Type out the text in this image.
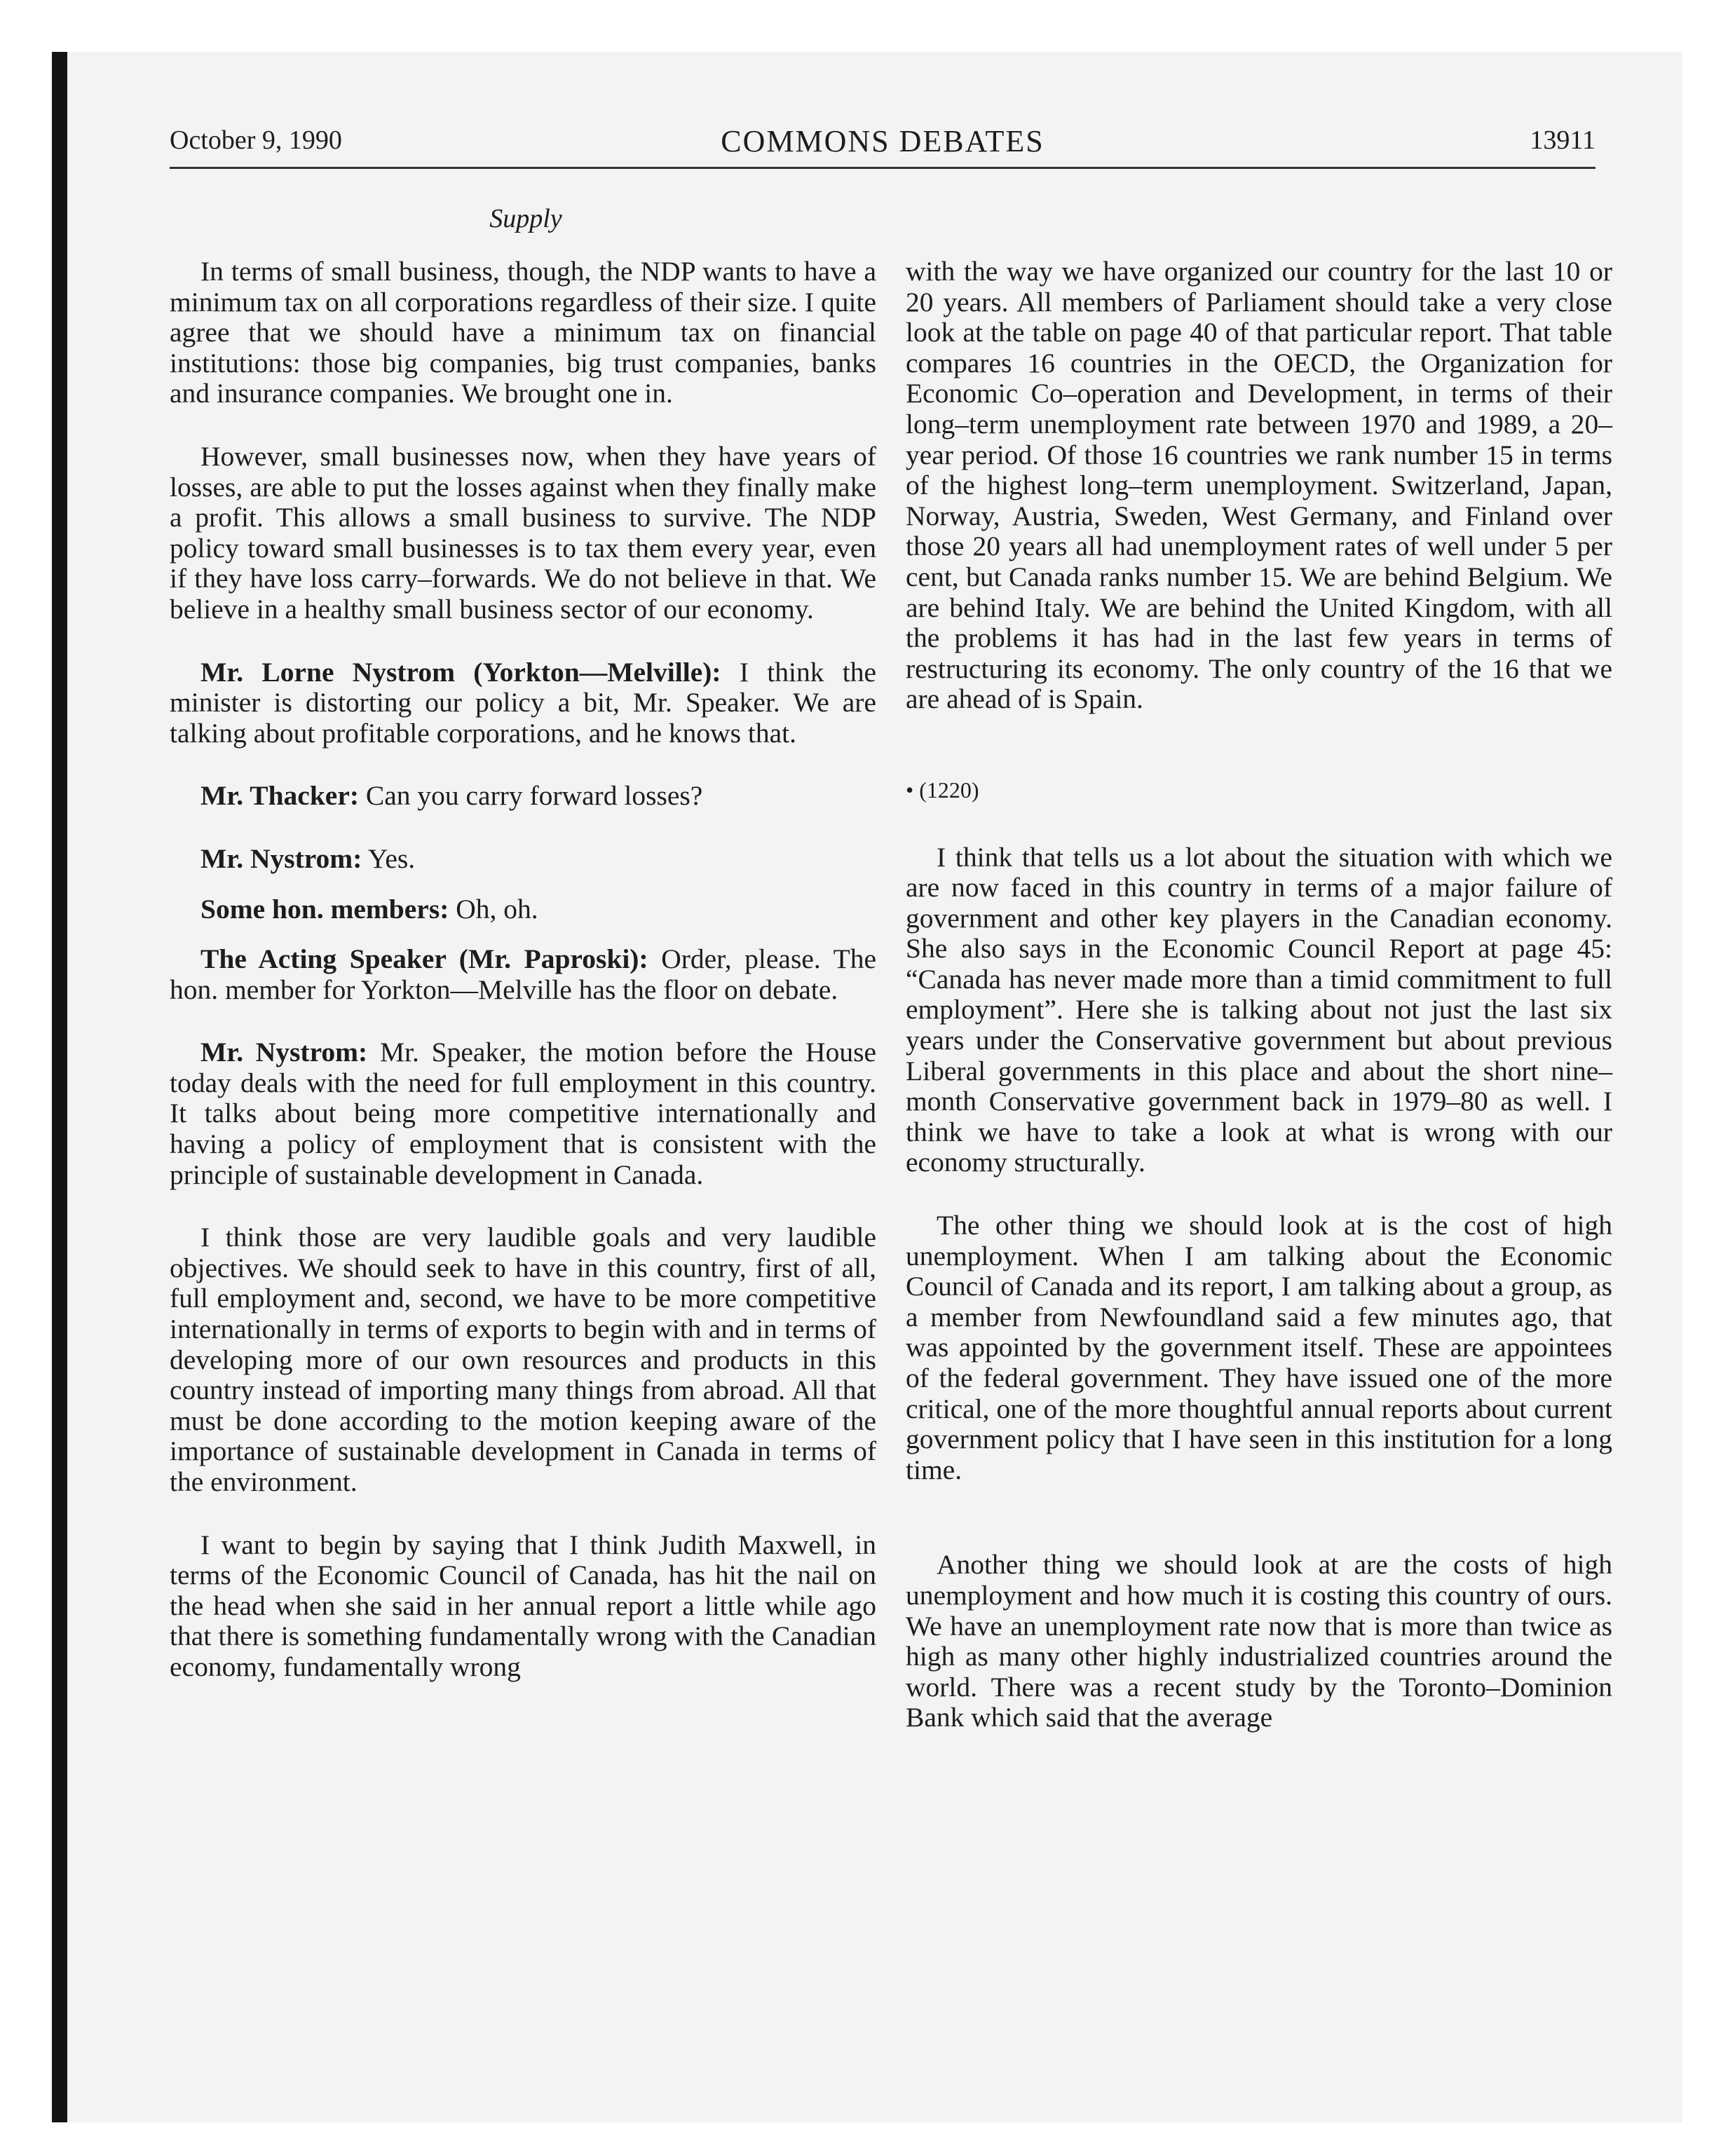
October 9, 1990	COMMONS DEBATES	13911
Supply

In terms of small business, though, the NDP wants to have a minimum tax on all corporations regardless of their size. I quite agree that we should have a minimum tax on financial institutions: those big companies, big trust companies, banks and insurance companies. We brought one in.

However, small businesses now, when they have years of losses, are able to put the losses against when they finally make a profit. This allows a small business to survive. The NDP policy toward small businesses is to tax them every year, even if they have loss carry–forwards. We do not believe in that. We believe in a healthy small business sector of our economy.

Mr. Lorne Nystrom (Yorkton—Melville): I think the minister is distorting our policy a bit, Mr. Speaker. We are talking about profitable corporations, and he knows that.

Mr. Thacker: Can you carry forward losses?

Mr. Nystrom: Yes.

Some hon. members: Oh, oh.

The Acting Speaker (Mr. Paproski): Order, please. The hon. member for Yorkton—Melville has the floor on debate.

Mr. Nystrom: Mr. Speaker, the motion before the House today deals with the need for full employment in this country. It talks about being more competitive internationally and having a policy of employment that is consistent with the principle of sustainable development in Canada.

I think those are very laudible goals and very laudible objectives. We should seek to have in this country, first of all, full employment and, second, we have to be more competitive internationally in terms of exports to begin with and in terms of developing more of our own resources and products in this country instead of importing many things from abroad. All that must be done according to the motion keeping aware of the importance of sustainable development in Canada in terms of the environment.

I want to begin by saying that I think Judith Maxwell, in terms of the Economic Council of Canada, has hit the nail on the head when she said in her annual report a little while ago that there is something fundamentally wrong with the Canadian economy, fundamentally wrong

with the way we have organized our country for the last 10 or 20 years. All members of Parliament should take a very close look at the table on page 40 of that particular report. That table compares 16 countries in the OECD, the Organization for Economic Co–operation and Development, in terms of their long–term unemployment rate between 1970 and 1989, a 20–year period. Of those 16 countries we rank number 15 in terms of the highest long–term unemployment. Switzerland, Japan, Norway, Austria, Sweden, West Germany, and Finland over those 20 years all had unemployment rates of well under 5 per cent, but Canada ranks number 15. We are behind Belgium. We are behind Italy. We are behind the United Kingdom, with all the problems it has had in the last few years in terms of restructuring its economy. The only country of the 16 that we are ahead of is Spain.

• (1220)

I think that tells us a lot about the situation with which we are now faced in this country in terms of a major failure of government and other key players in the Canadian economy. She also says in the Economic Council Report at page 45: “Canada has never made more than a timid commitment to full employment”. Here she is talking about not just the last six years under the Conservative government but about previous Liberal governments in this place and about the short nine–month Conservative government back in 1979–80 as well. I think we have to take a look at what is wrong with our economy structurally.

The other thing we should look at is the cost of high unemployment. When I am talking about the Economic Council of Canada and its report, I am talking about a group, as a member from Newfoundland said a few minutes ago, that was appointed by the government itself. These are appointees of the federal government. They have issued one of the more critical, one of the more thoughtful annual reports about current government policy that I have seen in this institution for a long time.

Another thing we should look at are the costs of high unemployment and how much it is costing this country of ours. We have an unemployment rate now that is more than twice as high as many other highly industrialized countries around the world. There was a recent study by the Toronto–Dominion Bank which said that the average
